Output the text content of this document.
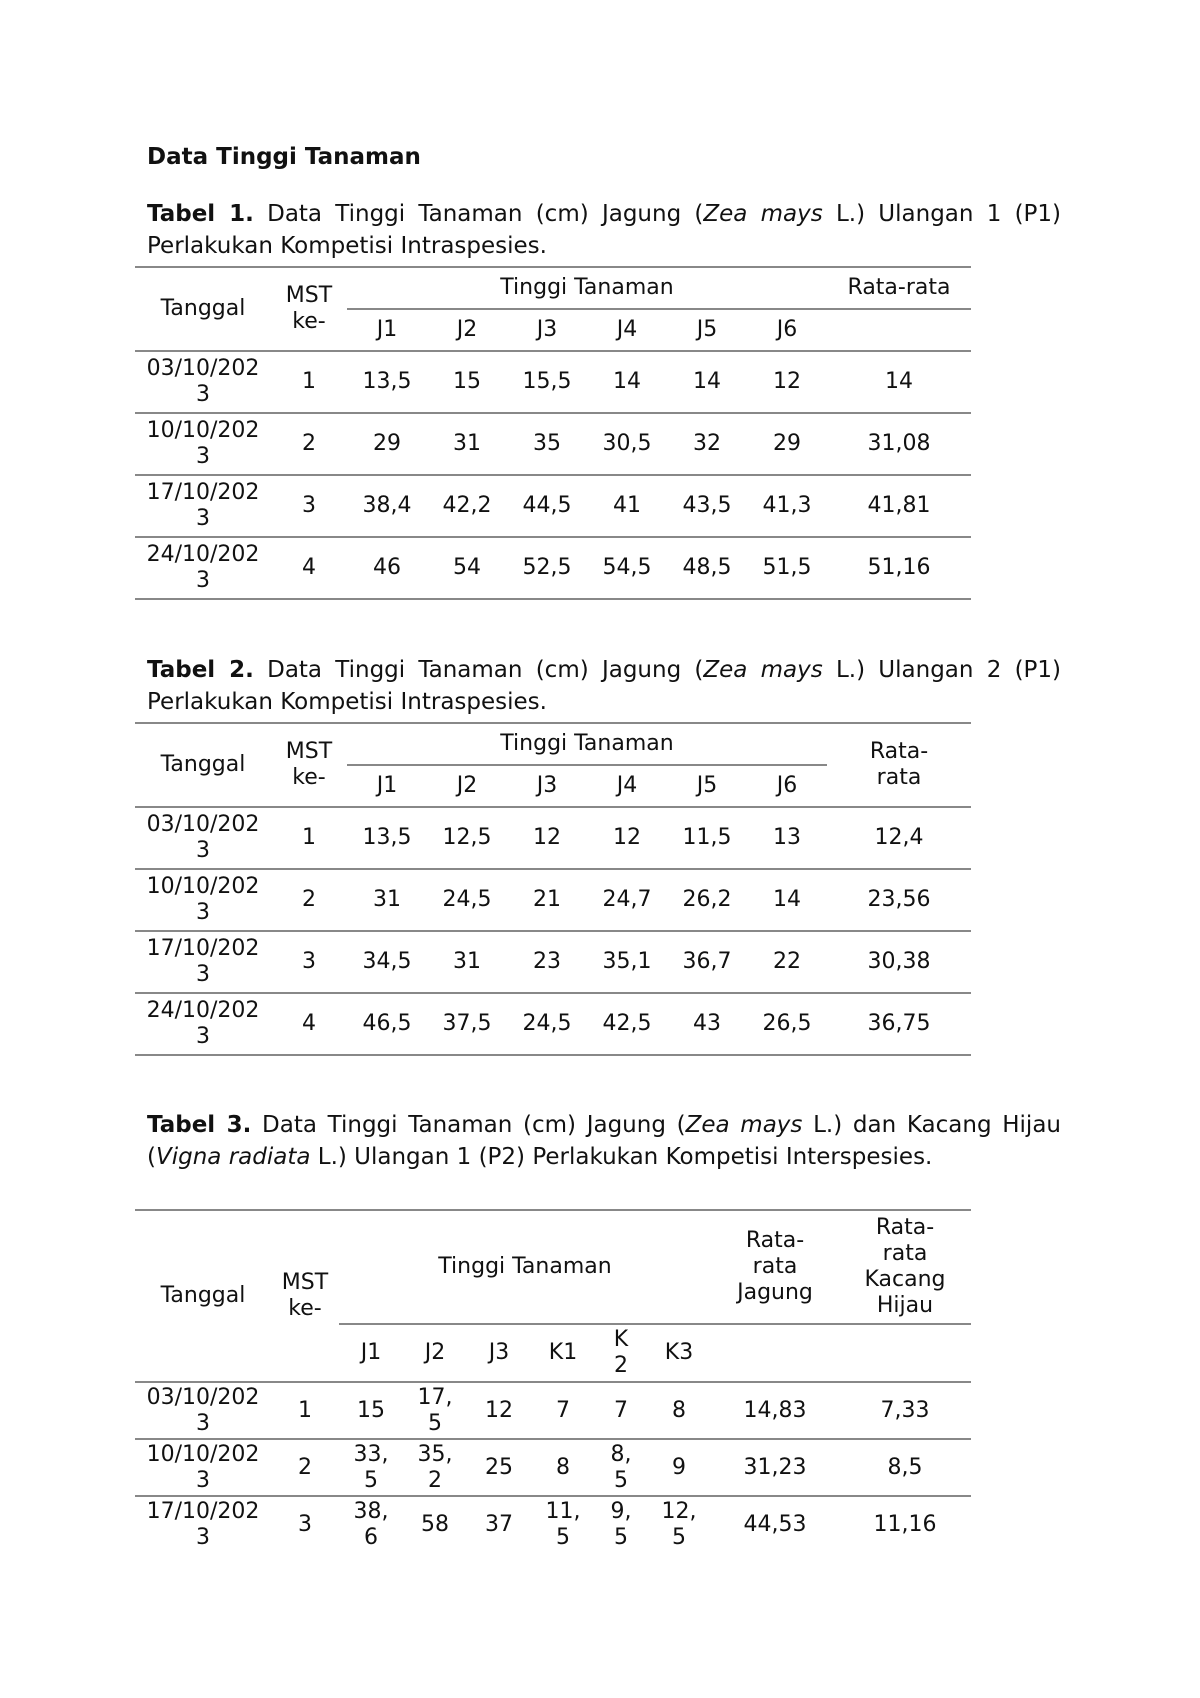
Data Tinggi Tanaman
Tabel 1. Data Tinggi Tanaman (cm) Jagung (Zea mays L.) Ulangan 1 (P1) Perlakukan Kompetisi Intraspesies.
Tanggal	MST ke-	Tinggi Tanaman						Rata-rata
		J1	J2	J3	J4	J5	J6	
03/10/2023	1	13,5	15	15,5	14	14	12	14
10/10/2023	2	29	31	35	30,5	32	29	31,08
17/10/2023	3	38,4	42,2	44,5	41	43,5	41,3	41,81
24/10/2023	4	46	54	52,5	54,5	48,5	51,5	51,16
Tabel 2. Data Tinggi Tanaman (cm) Jagung (Zea mays L.) Ulangan 2 (P1) Perlakukan Kompetisi Intraspesies.
Tanggal	MST ke-	Tinggi Tanaman						Rata-rata
		J1	J2	J3	J4	J5	J6	
03/10/2023	1	13,5	12,5	12	12	11,5	13	12,4
10/10/2023	2	31	24,5	21	24,7	26,2	14	23,56
17/10/2023	3	34,5	31	23	35,1	36,7	22	30,38
24/10/2023	4	46,5	37,5	24,5	42,5	43	26,5	36,75
Tabel 3. Data Tinggi Tanaman (cm) Jagung (Zea mays L.) dan Kacang Hijau (Vigna radiata L.) Ulangan 1 (P2) Perlakukan Kompetisi Interspesies.
Tanggal	MST ke-	Tinggi Tanaman						Rata-rata Jagung	Rata-rata Kacang Hijau
		J1	J2	J3	K1	K2	K3		
03/10/2023	1	15	17,5	12	7	7	8	14,83	7,33
10/10/2023	2	33,5	35,2	25	8	8,5	9	31,23	8,5
17/10/2023	3	38,6	58	37	11,5	9,5	12,5	44,53	11,16
